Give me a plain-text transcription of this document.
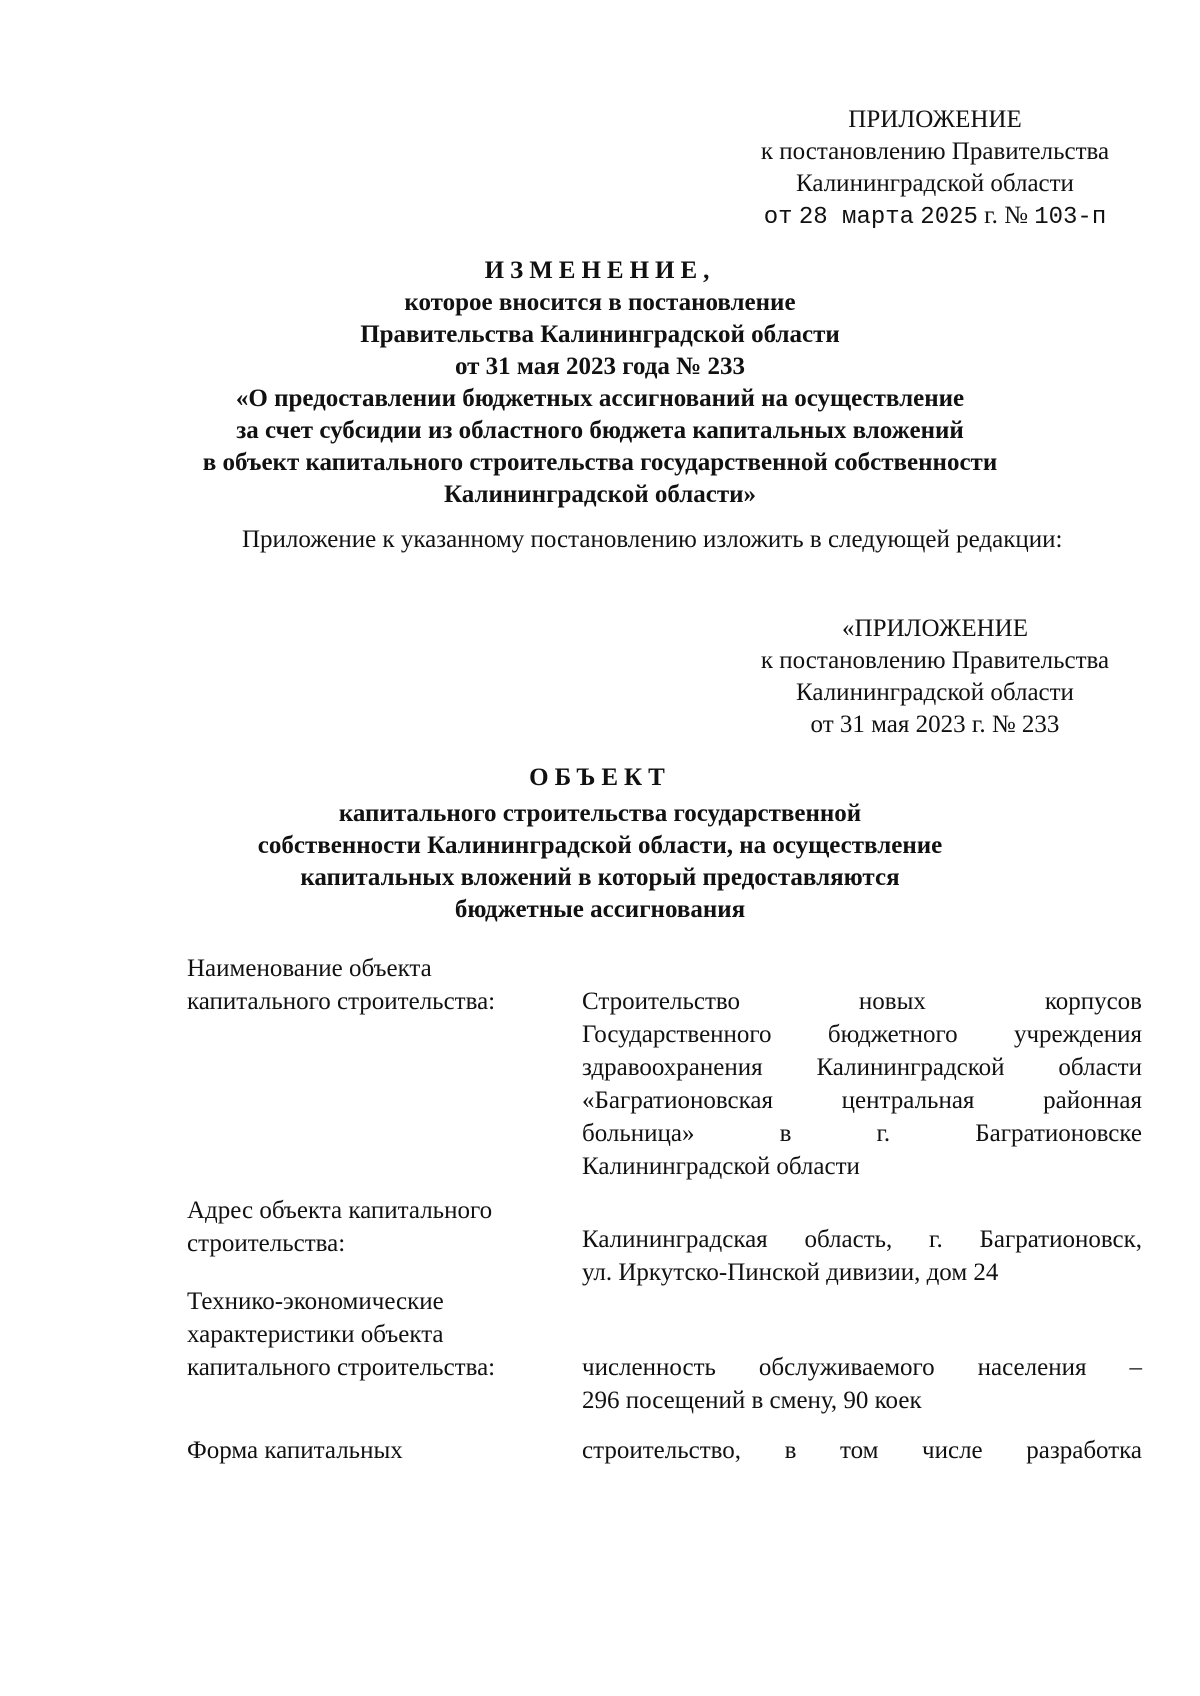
ПРИЛОЖЕНИЕ
к постановлению Правительства
Калининградской области
от 28 марта 2025 г. № 103-п
ИЗМЕНЕНИЕ,
которое вносится в постановление
Правительства Калининградской области
от 31 мая 2023 года № 233
«О предоставлении бюджетных ассигнований на осуществление
за счет субсидии из областного бюджета капитальных вложений
в объект капитального строительства государственной собственности
Калининградской области»
Приложение к указанному постановлению изложить в следующей редакции:
«ПРИЛОЖЕНИЕ
к постановлению Правительства
Калининградской области
от 31 мая 2023 г. № 233
ОБЪЕКТ
капитального строительства государственной
собственности Калининградской области, на осуществление
капитальных вложений в который предоставляются
бюджетные ассигнования
Наименование объекта
капитального строительства:	Строительство новых корпусов
Государственного бюджетного учреждения
здравоохранения Калининградской области
«Багратионовская центральная районная
больница» в г. Багратионовске
Калининградской области
Адрес объекта капитального
строительства:	Калининградская область, г. Багратионовск,
ул. Иркутско-Пинской дивизии, дом 24
Технико-экономические
характеристики объекта
капитального строительства:	численность обслуживаемого населения –
296 посещений в смену, 90 коек
Форма капитальных	строительство, в том числе разработка
